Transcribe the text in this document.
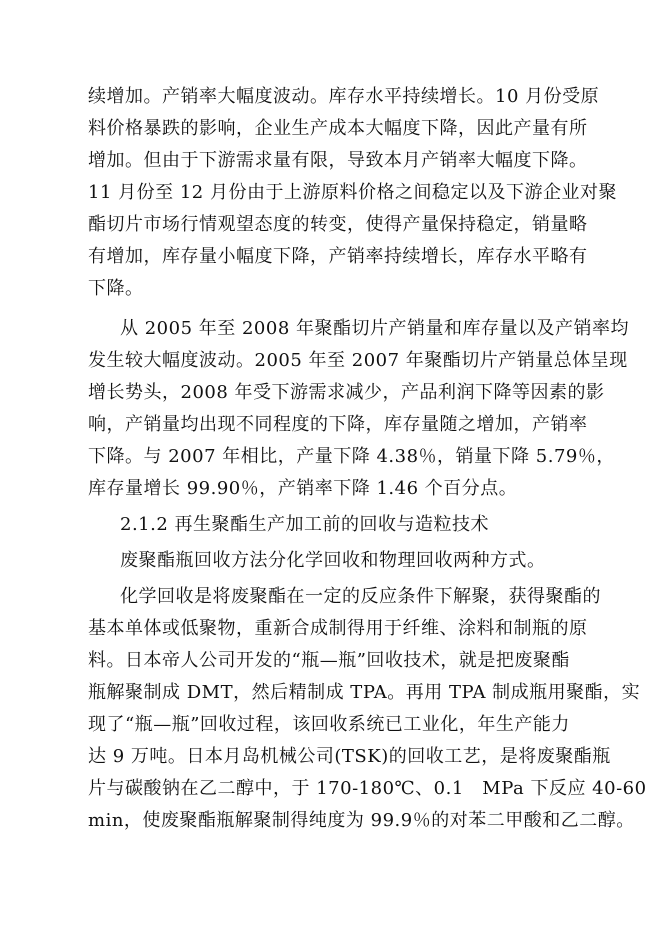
续增加。产销率大幅度波动。库存水平持续增长。10 月份受原
料价格暴跌的影响，企业生产成本大幅度下降，因此产量有所
增加。但由于下游需求量有限，导致本月产销率大幅度下降。
11 月份至 12 月份由于上游原料价格之间稳定以及下游企业对聚
酯切片市场行情观望态度的转变，使得产量保持稳定，销量略
有增加，库存量小幅度下降，产销率持续增长，库存水平略有
下降。
从 2005 年至 2008 年聚酯切片产销量和库存量以及产销率均
发生较大幅度波动。2005 年至 2007 年聚酯切片产销量总体呈现
增长势头，2008 年受下游需求减少，产品利润下降等因素的影
响，产销量均出现不同程度的下降，库存量随之增加，产销率
下降。与 2007 年相比，产量下降 4.38％，销量下降 5.79％，
库存量增长 99.90％，产销率下降 1.46 个百分点。
2.1.2 再生聚酯生产加工前的回收与造粒技术
废聚酯瓶回收方法分化学回收和物理回收两种方式。
化学回收是将废聚酯在一定的反应条件下解聚，获得聚酯的
基本单体或低聚物，重新合成制得用于纤维、涂料和制瓶的原
料。日本帝人公司开发的“瓶—瓶”回收技术，就是把废聚酯
瓶解聚制成 DMT，然后精制成 TPA。再用 TPA 制成瓶用聚酯，实
现了“瓶—瓶”回收过程，该回收系统已工业化，年生产能力
达 9 万吨。日本月岛机械公司(TSK)的回收工艺，是将废聚酯瓶
片与碳酸钠在乙二醇中，于 170-180℃、0.1　MPa 下反应 40-60
min，使废聚酯瓶解聚制得纯度为 99.9％的对苯二甲酸和乙二醇。
